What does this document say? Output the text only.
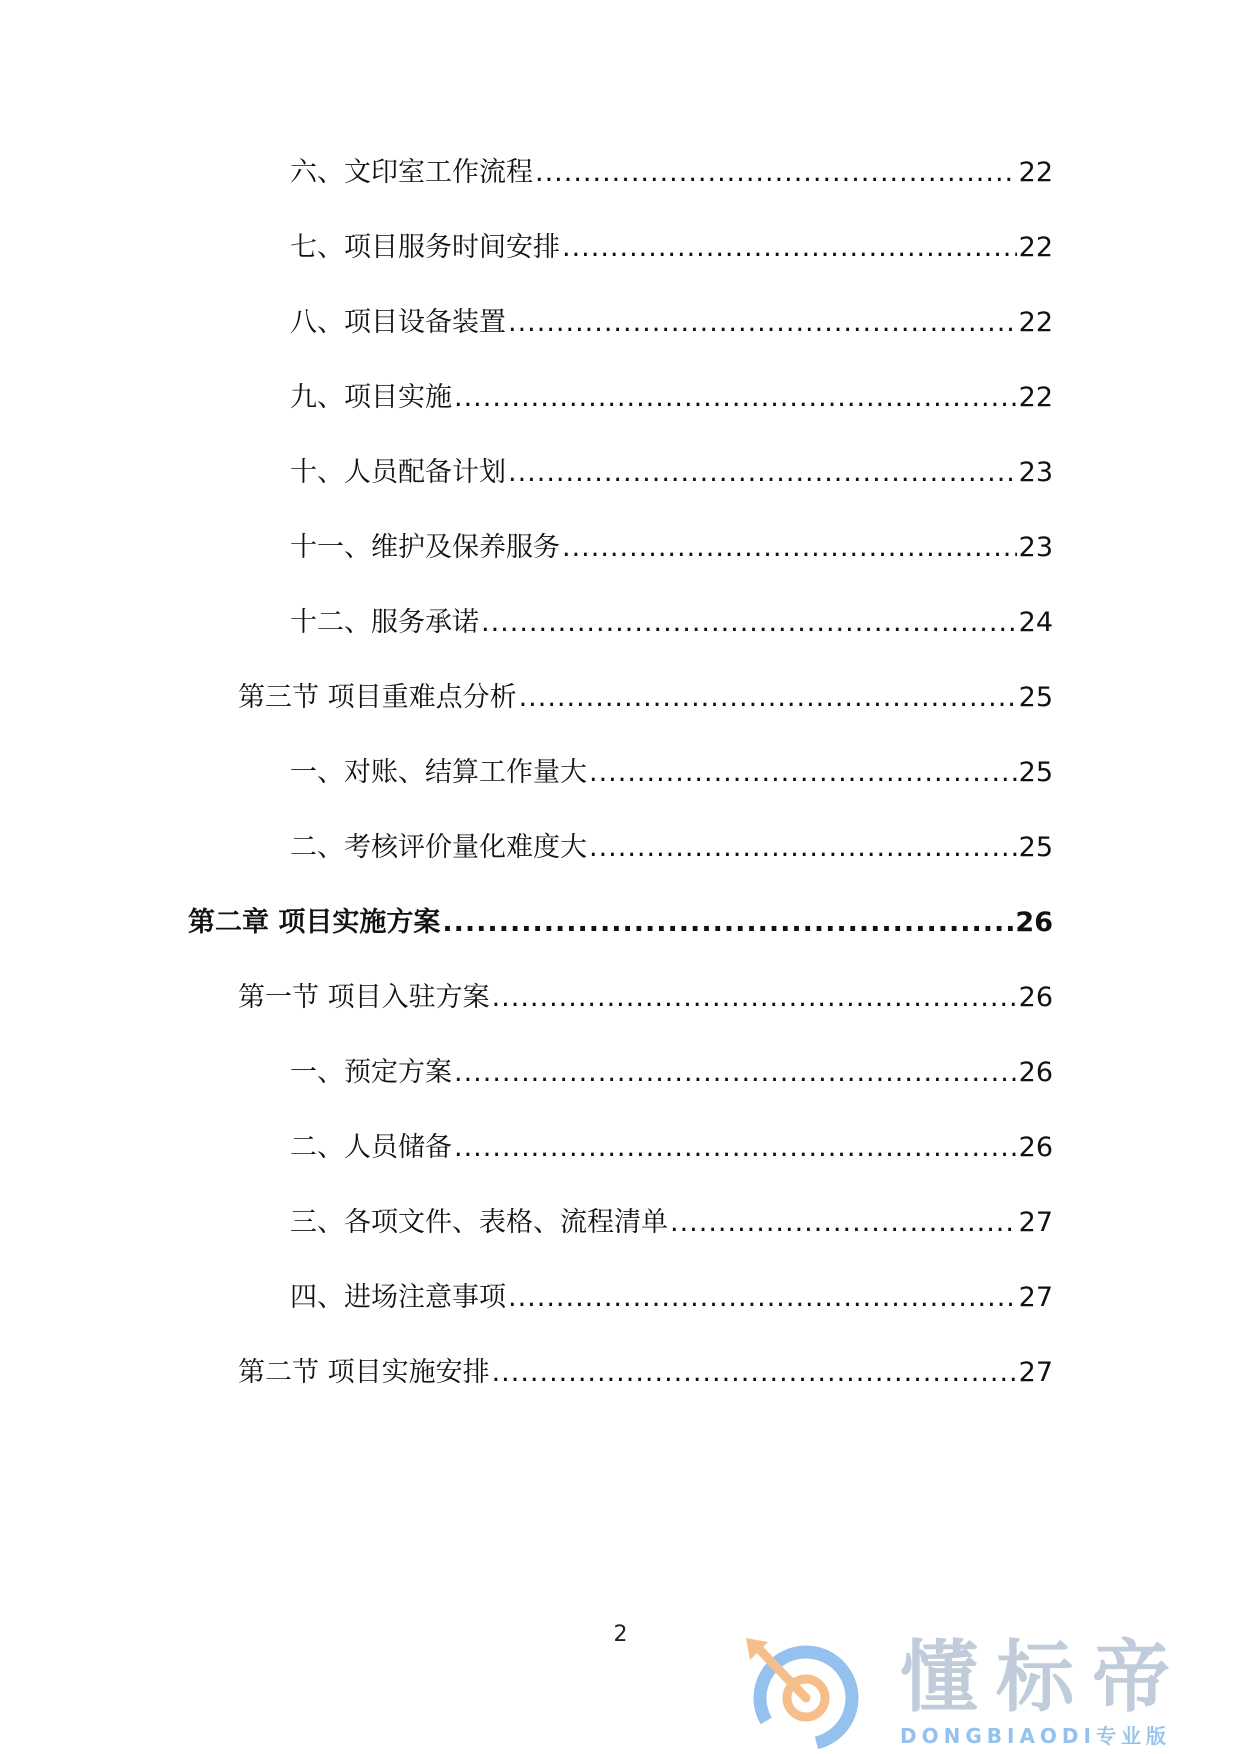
六、文印室工作流程 .....	22
七、项目服务时间安排 .....	22
八、项目设备装置 .....	22
九、项目实施 .....	22
十、人员配备计划 .....	23
十一、维护及保养服务 .....	23
十二、服务承诺 .....	24
第三节 项目重难点分析 .....	25
一、对账、结算工作量大 .....	25
二、考核评价量化难度大 .....	25
第二章 项目实施方案 .....	26
第一节 项目入驻方案 .....	26
一、预定方案 .....	26
二、人员储备 .....	26
三、各项文件、表格、流程清单 .....	27
四、进场注意事项 .....	27
第二节 项目实施安排 .....	27
2	懂标帝
DONGBIAODI专业版
